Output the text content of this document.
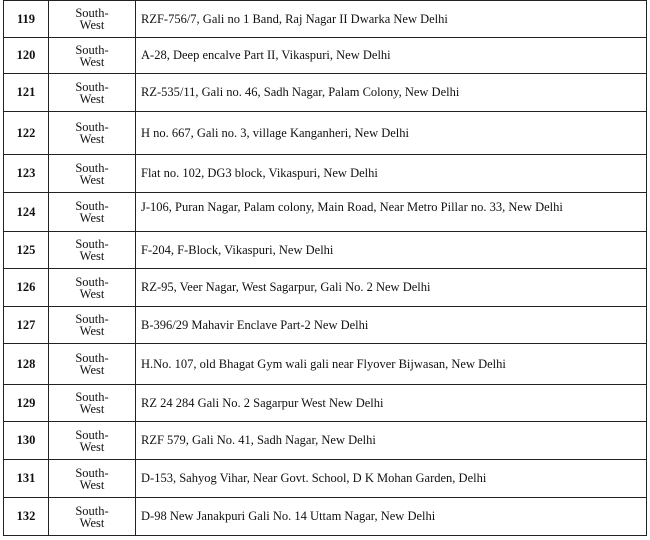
119	South-
West	RZF-756/7, Gali no 1 Band, Raj Nagar II Dwarka New Delhi
120	South-
West	A-28, Deep encalve Part II, Vikaspuri, New Delhi
121	South-
West	RZ-535/11, Gali no. 46, Sadh Nagar, Palam Colony, New Delhi
122	South-
West	H no. 667, Gali no. 3, village Kanganheri, New Delhi
123	South-
West	Flat no. 102, DG3 block, Vikaspuri, New Delhi
124	South-
West	J-106, Puran Nagar, Palam colony, Main Road, Near Metro Pillar no. 33, New Delhi
125	South-
West	F-204, F-Block, Vikaspuri, New Delhi
126	South-
West	RZ-95, Veer Nagar, West Sagarpur, Gali No. 2 New Delhi
127	South-
West	B-396/29 Mahavir Enclave Part-2 New Delhi
128	South-
West	H.No. 107, old Bhagat Gym wali gali near Flyover Bijwasan, New Delhi
129	South-
West	RZ 24 284 Gali No. 2 Sagarpur West New Delhi
130	South-
West	RZF 579, Gali No. 41, Sadh Nagar, New Delhi
131	South-
West	D-153, Sahyog Vihar, Near Govt. School, D K Mohan Garden, Delhi
132	South-
West	D-98 New Janakpuri Gali No. 14 Uttam Nagar, New Delhi
